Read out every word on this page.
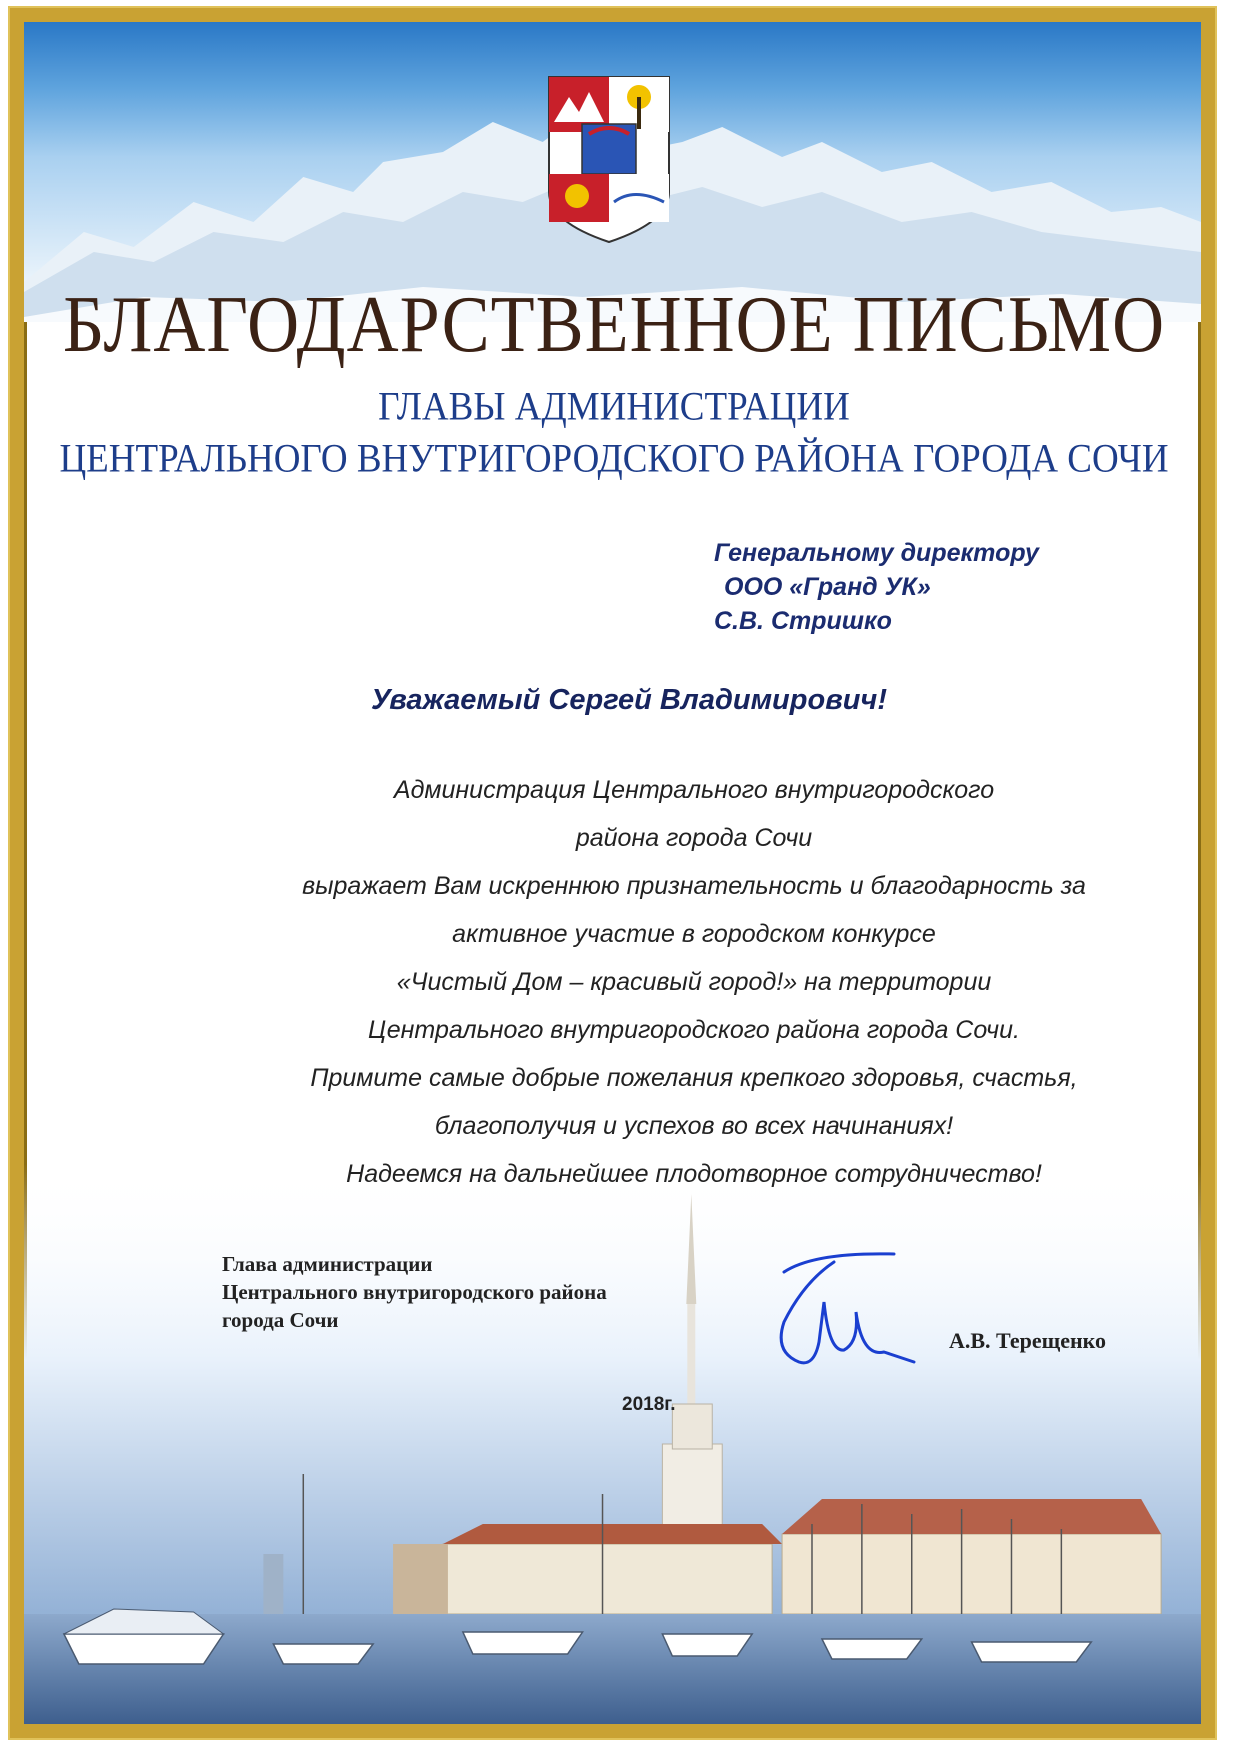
БЛАГОДАРСТВЕННОЕ ПИСЬМО
ГЛАВЫ АДМИНИСТРАЦИИ
ЦЕНТРАЛЬНОГО ВНУТРИГОРОДСКОГО РАЙОНА ГОРОДА СОЧИ
Генеральному директору
ООО «Гранд УК»
С.В. Стришко
Уважаемый Сергей Владимирович!
Администрация Центрального внутригородского
района города Сочи
выражает Вам искреннюю признательность и благодарность за
активное участие в городском конкурсе
«Чистый Дом – красивый город!» на территории
Центрального внутригородского района города Сочи.
Примите самые добрые пожелания крепкого здоровья, счастья,
благополучия и успехов во всех начинаниях!
Надеемся на дальнейшее плодотворное сотрудничество!
Глава администрации
Центрального внутригородского района
города Сочи
А.В. Терещенко
2018г.
